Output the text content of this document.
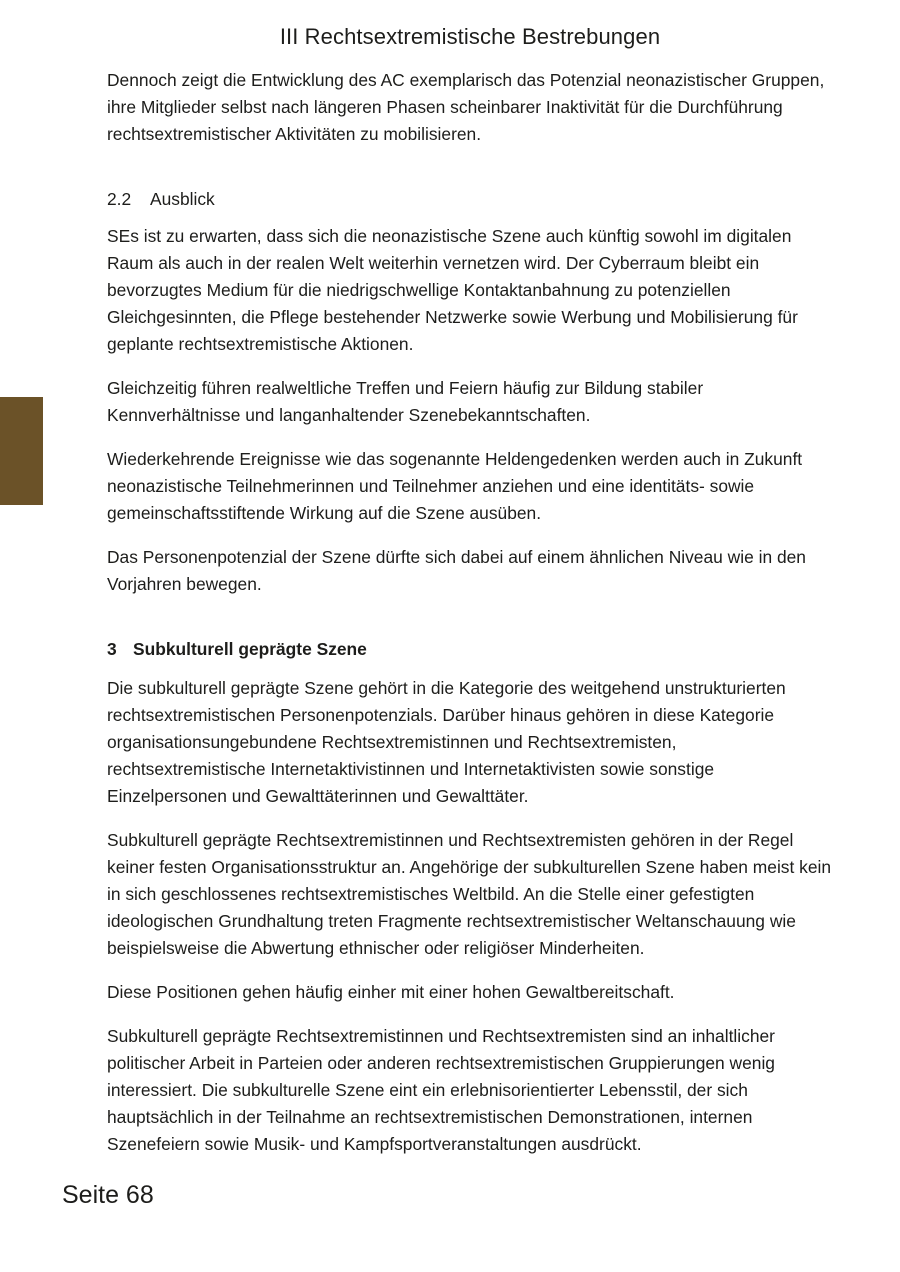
III Rechtsextremistische Bestrebungen

Dennoch zeigt die Entwicklung des AC exemplarisch das Potenzial neonazistischer Gruppen, ihre Mitglieder selbst nach längeren Phasen scheinbarer Inaktivität für die Durchführung rechtsextremistischer Aktivitäten zu mobilisieren.

2.2 Ausblick

SEs ist zu erwarten, dass sich die neonazistische Szene auch künftig sowohl im digitalen Raum als auch in der realen Welt weiterhin vernetzen wird. Der Cyberraum bleibt ein bevorzugtes Medium für die niedrigschwellige Kontaktanbahnung zu potenziellen Gleichgesinnten, die Pflege bestehender Netzwerke sowie Werbung und Mobilisierung für geplante rechtsextremistische Aktionen.

Gleichzeitig führen realweltliche Treffen und Feiern häufig zur Bildung stabiler Kennverhältnisse und langanhaltender Szenebekanntschaften.

Wiederkehrende Ereignisse wie das sogenannte Heldengedenken werden auch in Zukunft neonazistische Teilnehmerinnen und Teilnehmer anziehen und eine identitäts- sowie gemeinschaftsstiftende Wirkung auf die Szene ausüben.

Das Personenpotenzial der Szene dürfte sich dabei auf einem ähnlichen Niveau wie in den Vorjahren bewegen.

3 Subkulturell geprägte Szene

Die subkulturell geprägte Szene gehört in die Kategorie des weitgehend unstrukturierten rechtsextremistischen Personenpotenzials. Darüber hinaus gehören in diese Kategorie organisationsungebundene Rechtsextremistinnen und Rechtsextremisten, rechtsextremistische Internetaktivistinnen und Internetaktivisten sowie sonstige Einzelpersonen und Gewalttäterinnen und Gewalttäter.

Subkulturell geprägte Rechtsextremistinnen und Rechtsextremisten gehören in der Regel keiner festen Organisationsstruktur an. Angehörige der subkulturellen Szene haben meist kein in sich geschlossenes rechtsextremistisches Weltbild. An die Stelle einer gefestigten ideologischen Grundhaltung treten Fragmente rechtsextremistischer Weltanschauung wie beispielsweise die Abwertung ethnischer oder religiöser Minderheiten.

Diese Positionen gehen häufig einher mit einer hohen Gewaltbereitschaft.

Subkulturell geprägte Rechtsextremistinnen und Rechtsextremisten sind an inhaltlicher politischer Arbeit in Parteien oder anderen rechtsextremistischen Gruppierungen wenig interessiert. Die subkulturelle Szene eint ein erlebnisorientierter Lebensstil, der sich hauptsächlich in der Teilnahme an rechtsextremistischen Demonstrationen, internen Szenefeiern sowie Musik- und Kampfsportveranstaltungen ausdrückt.

Seite 68
